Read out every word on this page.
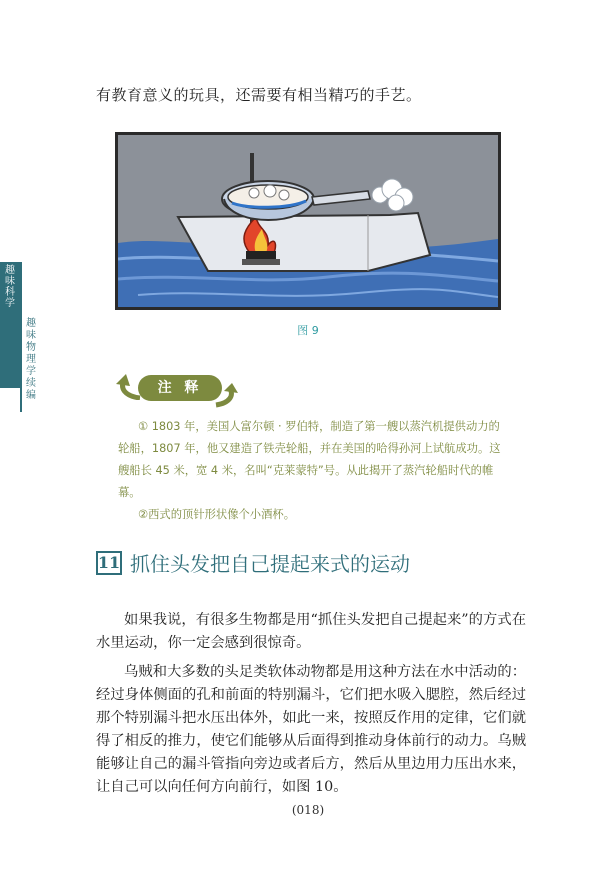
有教育意义的玩具，还需要有相当精巧的手艺。
图 9
趣味科学
趣味物理学续编	注 释

① 1803 年，美国人富尔顿 · 罗伯特，制造了第一艘以蒸汽机提供动力的轮船，1807 年，他又建造了铁壳轮船，并在美国的哈得孙河上试航成功。这艘船长 45 米，宽 4 米，名叫“克莱蒙特”号。从此揭开了蒸汽轮船时代的帷幕。

②西式的顶针形状像个小酒杯。

11 抓住头发把自己提起来式的运动

如果我说，有很多生物都是用“抓住头发把自己提起来”的方式在水里运动，你一定会感到很惊奇。

乌贼和大多数的头足类软体动物都是用这种方法在水中活动的：经过身体侧面的孔和前面的特别漏斗，它们把水吸入腮腔，然后经过那个特别漏斗把水压出体外，如此一来，按照反作用的定律，它们就得了相反的推力，使它们能够从后面得到推动身体前行的动力。乌贼能够让自己的漏斗管指向旁边或者后方，然后从里边用力压出水来，让自己可以向任何方向前行，如图 10。

(018)
